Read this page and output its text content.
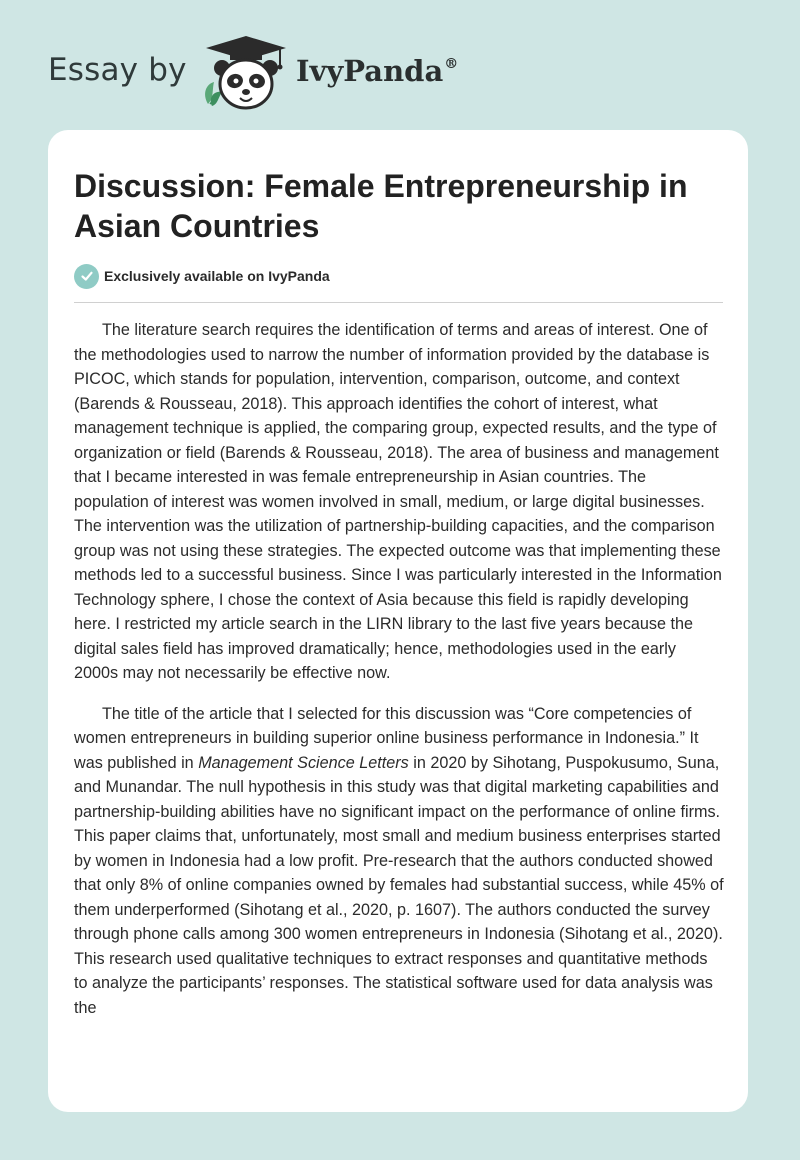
Essay by	IvyPanda®
Discussion: Female Entrepreneurship in Asian Countries
Exclusively available on IvyPanda

The literature search requires the identification of terms and areas of interest. One of the methodologies used to narrow the number of information provided by the database is PICOC, which stands for population, intervention, comparison, outcome, and context (Barends & Rousseau, 2018). This approach identifies the cohort of interest, what management technique is applied, the comparing group, expected results, and the type of organization or field (Barends & Rousseau, 2018). The area of business and management that I became interested in was female entrepreneurship in Asian countries. The population of interest was women involved in small, medium, or large digital businesses. The intervention was the utilization of partnership-building capacities, and the comparison group was not using these strategies. The expected outcome was that implementing these methods led to a successful business. Since I was particularly interested in the Information Technology sphere, I chose the context of Asia because this field is rapidly developing here. I restricted my article search in the LIRN library to the last five years because the digital sales field has improved dramatically; hence, methodologies used in the early 2000s may not necessarily be effective now.

The title of the article that I selected for this discussion was “Core competencies of women entrepreneurs in building superior online business performance in Indonesia.” It was published in Management Science Letters in 2020 by Sihotang, Puspokusumo, Suna, and Munandar. The null hypothesis in this study was that digital marketing capabilities and partnership-building abilities have no significant impact on the performance of online firms. This paper claims that, unfortunately, most small and medium business enterprises started by women in Indonesia had a low profit. Pre-research that the authors conducted showed that only 8% of online companies owned by females had substantial success, while 45% of them underperformed (Sihotang et al., 2020, p. 1607). The authors conducted the survey through phone calls among 300 women entrepreneurs in Indonesia (Sihotang et al., 2020). This research used qualitative techniques to extract responses and quantitative methods to analyze the participants’ responses. The statistical software used for data analysis was the
